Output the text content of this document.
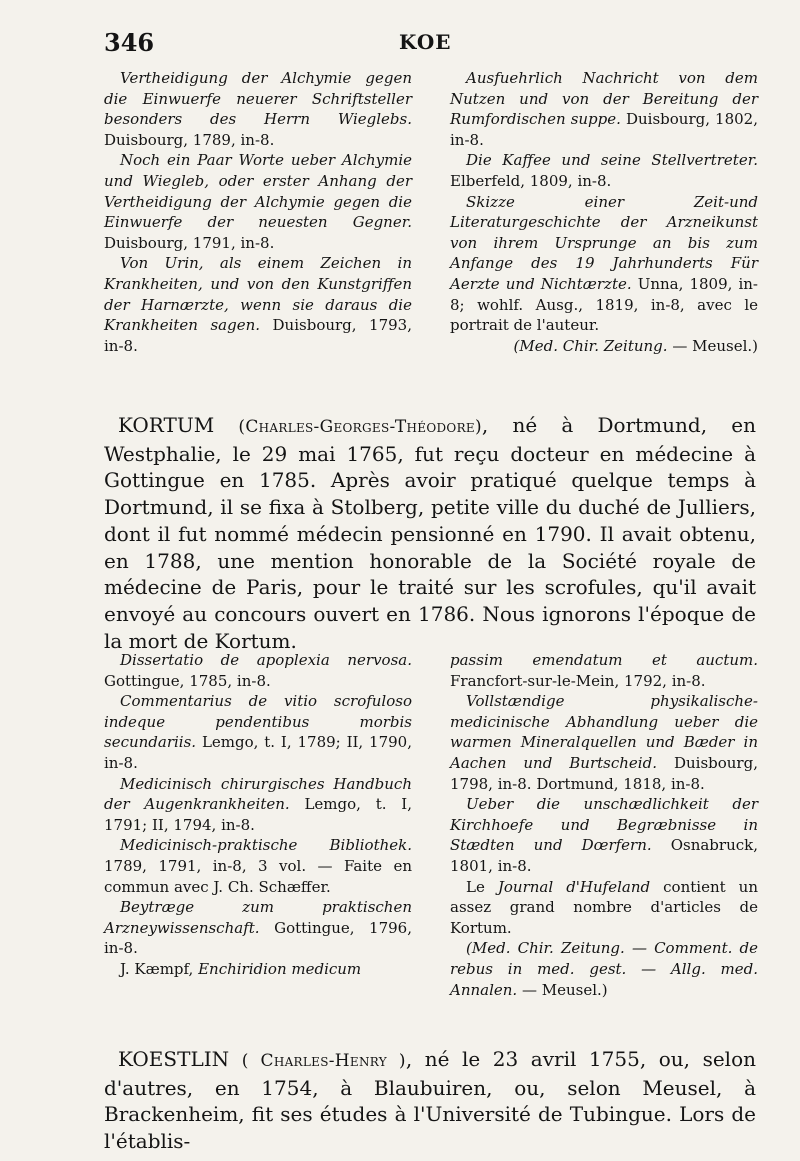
346	KOE

Vertheidigung der Alchymie gegen die Einwuerfe neuerer Schriftsteller besonders des Herrn Wieglebs. Duisbourg, 1789, in-8.

Noch ein Paar Worte ueber Alchymie und Wiegleb, oder erster Anhang der Vertheidigung der Alchymie gegen die Einwuerfe der neuesten Gegner. Duisbourg, 1791, in-8.

Von Urin, als einem Zeichen in Krankheiten, und von den Kunstgriffen der Harnærzte, wenn sie daraus die Krankheiten sagen. Duisbourg, 1793, in-8.

Ausfuehrlich Nachricht von dem Nutzen und von der Bereitung der Rumfordischen suppe. Duisbourg, 1802, in-8.

Die Kaffee und seine Stellvertreter. Elberfeld, 1809, in-8.

Skizze einer Zeit-und Literaturgeschichte der Arzneikunst von ihrem Ursprunge an bis zum Anfange des 19 Jahrhunderts Für Aerzte und Nichtærzte. Unna, 1809, in-8; wohlf. Ausg., 1819, in-8, avec le portrait de l'auteur.

(Med. Chir. Zeitung. — Meusel.)

KORTUM (Charles-Georges-Théodore), né à Dortmund, en Westphalie, le 29 mai 1765, fut reçu docteur en médecine à Gottingue en 1785. Après avoir pratiqué quelque temps à Dortmund, il se fixa à Stolberg, petite ville du duché de Julliers, dont il fut nommé médecin pensionné en 1790. Il avait obtenu, en 1788, une mention honorable de la Société royale de médecine de Paris, pour le traité sur les scrofules, qu'il avait envoyé au concours ouvert en 1786. Nous ignorons l'époque de la mort de Kortum.

Dissertatio de apoplexia nervosa. Gottingue, 1785, in-8.

Commentarius de vitio scrofuloso indeque pendentibus morbis secundariis. Lemgo, t. I, 1789; II, 1790, in-8.

Medicinisch chirurgisches Handbuch der Augenkrankheiten. Lemgo, t. I, 1791; II, 1794, in-8.

Medicinisch-praktische Bibliothek. 1789, 1791, in-8, 3 vol. — Faite en commun avec J. Ch. Schæffer.

Beytræge zum praktischen Arzneywissenschaft. Gottingue, 1796, in-8.

J. Kæmpf, Enchiridion medicum

passim emendatum et auctum. Francfort-sur-le-Mein, 1792, in-8.

Vollstændige physikalische-medicinische Abhandlung ueber die warmen Mineralquellen und Bæder in Aachen und Burtscheid. Duisbourg, 1798, in-8. Dortmund, 1818, in-8.

Ueber die unschædlichkeit der Kirchhoefe und Begræbnisse in Stædten und Dœrfern. Osnabruck, 1801, in-8.

Le Journal d'Hufeland contient un assez grand nombre d'articles de Kortum.

(Med. Chir. Zeitung. — Comment. de rebus in med. gest. — Allg. med. Annalen. — Meusel.)

KOESTLIN ( Charles-Henry ), né le 23 avril 1755, ou, selon d'autres, en 1754, à Blaubuiren, ou, selon Meusel, à Brackenheim, fit ses études à l'Université de Tubingue. Lors de l'établis-
